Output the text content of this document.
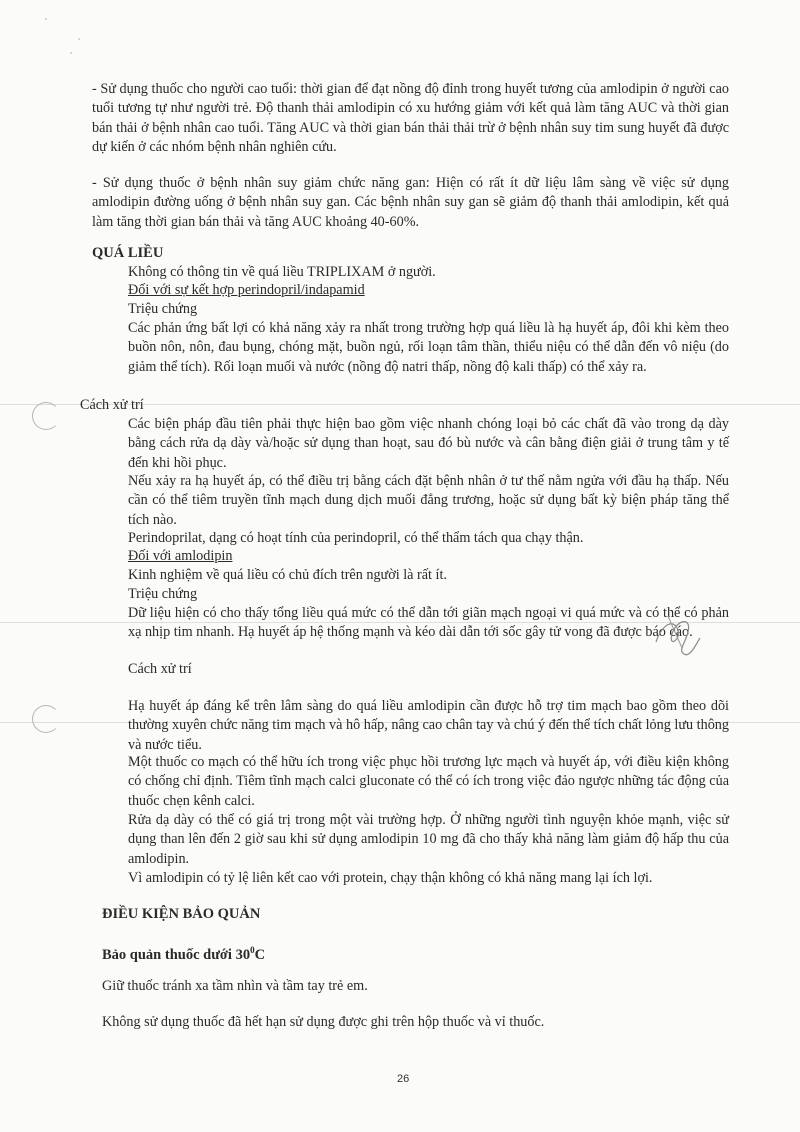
- Sử dụng thuốc cho người cao tuổi: thời gian để đạt nồng độ đỉnh trong huyết tương của amlodipin ở người cao tuổi tương tự như người trẻ. Độ thanh thải amlodipin có xu hướng giảm với kết quả làm tăng AUC và thời gian bán thải ở bệnh nhân cao tuổi. Tăng AUC và thời gian bán thải thải trừ ở bệnh nhân suy tim sung huyết đã được dự kiến ở các nhóm bệnh nhân nghiên cứu.

- Sử dụng thuốc ở bệnh nhân suy giảm chức năng gan: Hiện có rất ít dữ liệu lâm sàng về việc sử dụng amlodipin đường uống ở bệnh nhân suy gan. Các bệnh nhân suy gan sẽ giảm độ thanh thải amlodipin, kết quả làm tăng thời gian bán thải và tăng AUC khoảng 40-60%.

QUÁ LIỀU

Không có thông tin về quá liều TRIPLIXAM ở người.

Đối với sự kết hợp perindopril/indapamid

Triệu chứng

Các phản ứng bất lợi có khả năng xảy ra nhất trong trường hợp quá liều là hạ huyết áp, đôi khi kèm theo buồn nôn, nôn, đau bụng, chóng mặt, buồn ngủ, rối loạn tâm thần, thiểu niệu có thể dẫn đến vô niệu (do giảm thể tích). Rối loạn muối và nước (nồng độ natri thấp, nồng độ kali thấp) có thể xảy ra.

Cách xử trí

Các biện pháp đầu tiên phải thực hiện bao gồm việc nhanh chóng loại bỏ các chất đã vào trong dạ dày bằng cách rửa dạ dày và/hoặc sử dụng than hoạt, sau đó bù nước và cân bằng điện giải ở trung tâm y tế đến khi hồi phục.

Nếu xảy ra hạ huyết áp, có thể điều trị bằng cách đặt bệnh nhân ở tư thế nằm ngửa với đầu hạ thấp. Nếu cần có thể tiêm truyền tĩnh mạch dung dịch muối đẳng trương, hoặc sử dụng bất kỳ biện pháp tăng thể tích nào.

Perindoprilat, dạng có hoạt tính của perindopril, có thể thẩm tách qua chạy thận.

Đối với amlodipin

Kinh nghiệm về quá liều có chủ đích trên người là rất ít.

Triệu chứng

Dữ liệu hiện có cho thấy tổng liều quá mức có thể dẫn tới giãn mạch ngoại vi quá mức và có thể có phản xạ nhịp tim nhanh. Hạ huyết áp hệ thống mạnh và kéo dài dẫn tới sốc gây tử vong đã được báo cáo.

Cách xử trí

Hạ huyết áp đáng kể trên lâm sàng do quá liều amlodipin cần được hỗ trợ tim mạch bao gồm theo dõi thường xuyên chức năng tim mạch và hô hấp, nâng cao chân tay và chú ý đến thể tích chất lỏng lưu thông và nước tiểu.

Một thuốc co mạch có thể hữu ích trong việc phục hồi trương lực mạch và huyết áp, với điều kiện không có chống chỉ định. Tiêm tĩnh mạch calci gluconate có thể có ích trong việc đảo ngược những tác động của thuốc chẹn kênh calci.

Rửa dạ dày có thể có giá trị trong một vài trường hợp. Ở những người tình nguyện khỏe mạnh, việc sử dụng than lên đến 2 giờ sau khi sử dụng amlodipin 10 mg đã cho thấy khả năng làm giảm độ hấp thu của amlodipin.

Vì amlodipin có tỷ lệ liên kết cao với protein, chạy thận không có khả năng mang lại ích lợi.

ĐIỀU KIỆN BẢO QUẢN

Bảo quản thuốc dưới $30^0C$

Giữ thuốc tránh xa tầm nhìn và tầm tay trẻ em.

Không sử dụng thuốc đã hết hạn sử dụng được ghi trên hộp thuốc và vỉ thuốc.

26
